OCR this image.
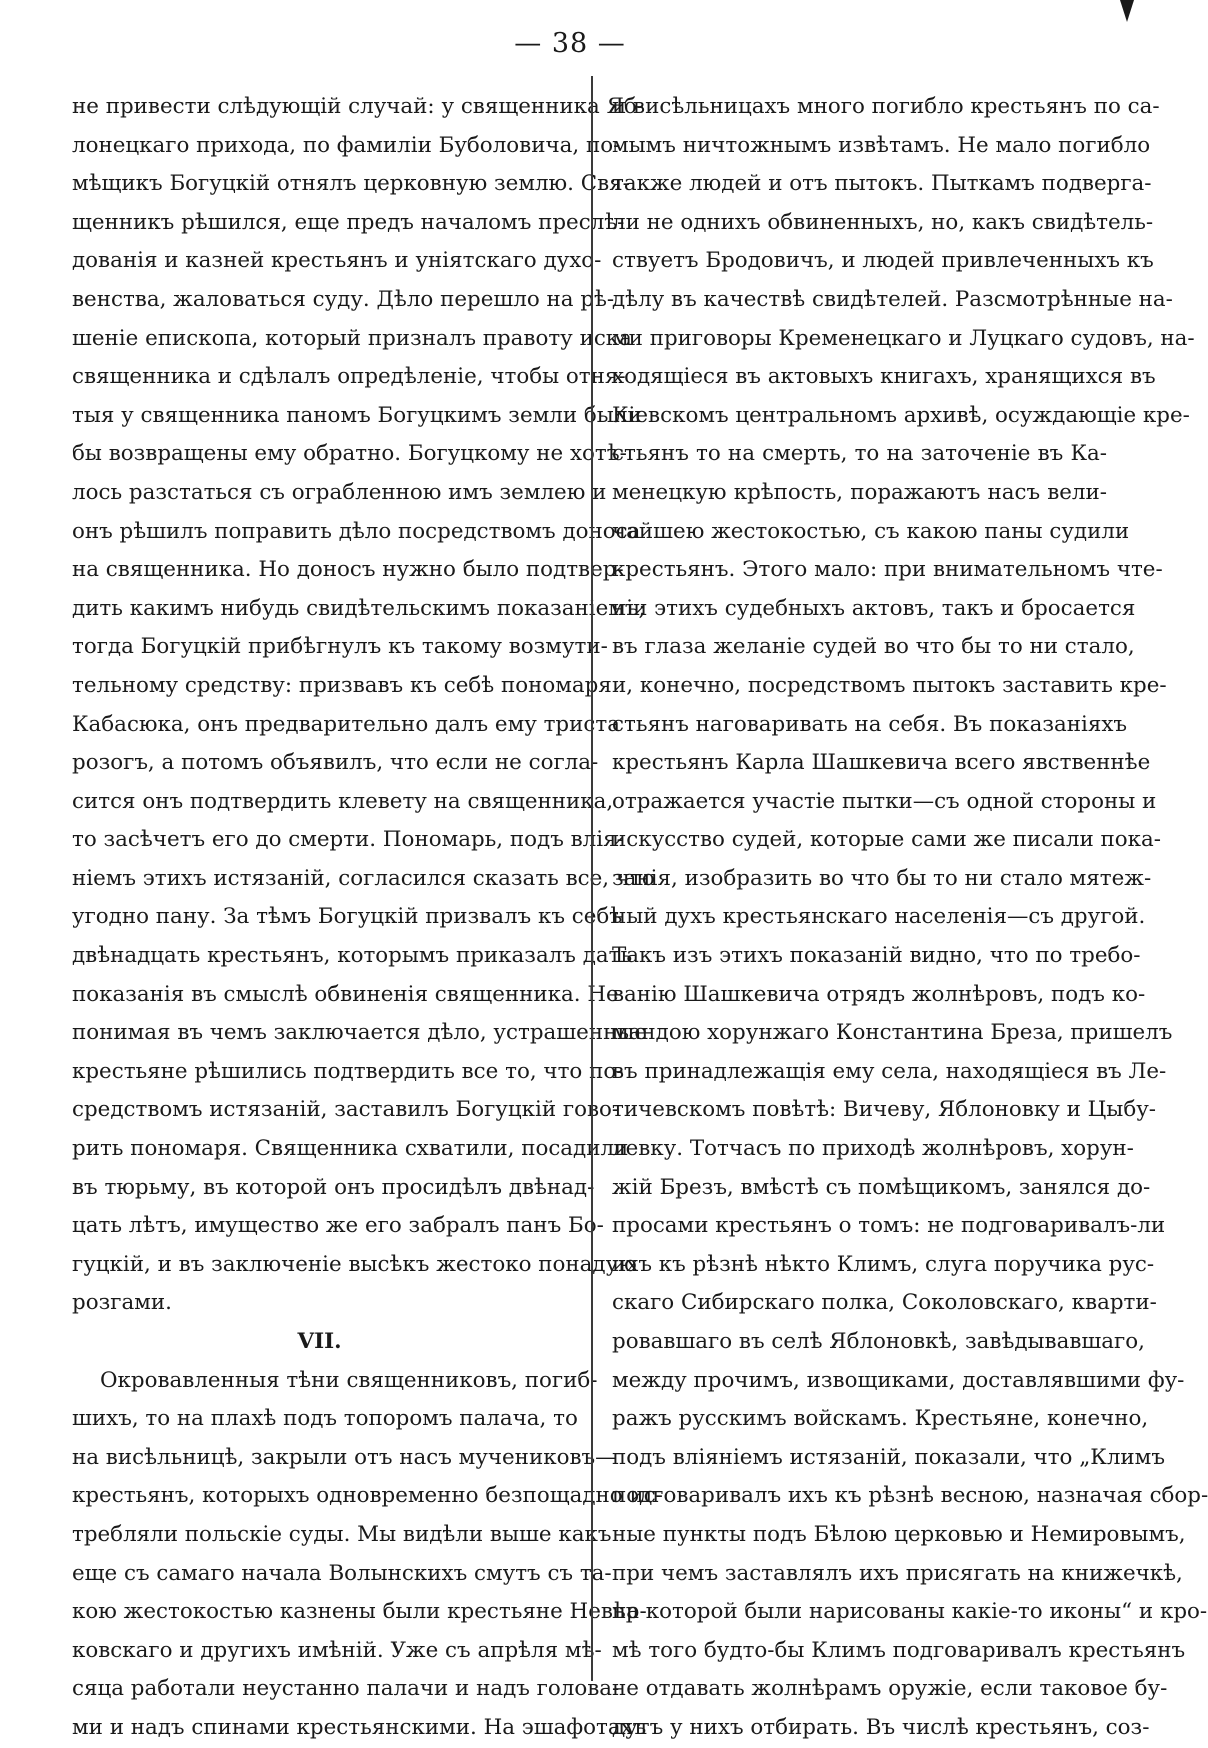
— 38 —
не привести слѣдующій случай: у священника Яб-
лонецкаго прихода, по фамиліи Буболовича, по-
мѣщикъ Богуцкій отнялъ церковную землю. Свя-
щенникъ рѣшился, еще предъ началомъ преслѣ-
дованія и казней крестьянъ и уніятскаго духо-
венства, жаловаться суду. Дѣло перешло на рѣ-
шеніе епископа, который призналъ правоту иска
священника и сдѣлалъ опредѣленіе, чтобы отня-
тыя у священника паномъ Богуцкимъ земли были
бы возвращены ему обратно. Богуцкому не хотѣ-
лось разстаться съ ограбленною имъ землею и
онъ рѣшилъ поправить дѣло посредствомъ доноса
на священника. Но доносъ нужно было подтвер-
дить какимъ нибудь свидѣтельскимъ показаніемъ;
тогда Богуцкій прибѣгнулъ къ такому возмути-
тельному средству: призвавъ къ себѣ пономаря
Кабасюка, онъ предварительно далъ ему триста
розогъ, а потомъ объявилъ, что если не согла-
сится онъ подтвердить клевету на священника,
то засѣчетъ его до смерти. Пономарь, подъ влія-
ніемъ этихъ истязаній, согласился сказать все, что
угодно пану. За тѣмъ Богуцкій призвалъ къ себѣ
двѣнадцать крестьянъ, которымъ приказалъ дать
показанія въ смыслѣ обвиненія священника. Не
понимая въ чемъ заключается дѣло, устрашенные
крестьяне рѣшились подтвердить все то, что по-
средствомъ истязаній, заставилъ Богуцкій гово-
рить пономаря. Священника схватили, посадили
въ тюрьму, въ которой онъ просидѣлъ двѣнад-
цать лѣтъ, имущество же его забралъ панъ Бо-
гуцкій, и въ заключеніе высѣкъ жестоко понадую
розгами.
VII.
Окровавленныя тѣни священниковъ, погиб-
шихъ, то на плахѣ подъ топоромъ палача, то
на висѣльницѣ, закрыли отъ насъ мучениковъ—
крестьянъ, которыхъ одновременно безпощадно ис-
требляли польскіе суды. Мы видѣли выше какъ
еще съ самаго начала Волынскихъ смутъ съ та-
кою жестокостью казнены были крестьяне Невѣр-
ковскаго и другихъ имѣній. Уже съ апрѣля мѣ-
сяца работали неустанно палачи и надъ голова-
ми и надъ спинами крестьянскими. На эшафотахъ
и висѣльницахъ много погибло крестьянъ по са-
мымъ ничтожнымъ извѣтамъ. Не мало погибло
также людей и отъ пытокъ. Пыткамъ подверга-
ли не однихъ обвиненныхъ, но, какъ свидѣтель-
ствуетъ Бродовичъ, и людей привлеченныхъ къ
дѣлу въ качествѣ свидѣтелей. Разсмотрѣнные на-
ми приговоры Кременецкаго и Луцкаго судовъ, на-
ходящіеся въ актовыхъ книгахъ, хранящихся въ
Кіевскомъ центральномъ архивѣ, осуждающіе кре-
стьянъ то на смерть, то на заточеніе въ Ка-
менецкую крѣпость, поражаютъ насъ вели-
чайшею жестокостью, съ какою паны судили
крестьянъ. Этого мало: при внимательномъ чте-
ніи этихъ судебныхъ актовъ, такъ и бросается
въ глаза желаніе судей во что бы то ни стало,
и, конечно, посредствомъ пытокъ заставить кре-
стьянъ наговаривать на себя. Въ показаніяхъ
крестьянъ Карла Шашкевича всего явственнѣе
отражается участіе пытки—съ одной стороны и
искусство судей, которые сами же писали пока-
занія, изобразить во что бы то ни стало мятеж-
ный духъ крестьянскаго населенія—съ другой.
Такъ изъ этихъ показаній видно, что по требо-
ванію Шашкевича отрядъ жолнѣровъ, подъ ко-
мандою хорунжаго Константина Бреза, пришелъ
въ принадлежащія ему села, находящіеся въ Ле-
тичевскомъ повѣтѣ: Вичеву, Яблоновку и Цыбу-
левку. Тотчасъ по приходѣ жолнѣровъ, хорун-
жій Брезъ, вмѣстѣ съ помѣщикомъ, занялся до-
просами крестьянъ о томъ: не подговаривалъ-ли
ихъ къ рѣзнѣ нѣкто Климъ, слуга поручика рус-
скаго Сибирскаго полка, Соколовскаго, кварти-
ровавшаго въ селѣ Яблоновкѣ, завѣдывавшаго,
между прочимъ, извощиками, доставлявшими фу-
ражъ русскимъ войскамъ. Крестьяне, конечно,
подъ вліяніемъ истязаній, показали, что „Климъ
подговаривалъ ихъ къ рѣзнѣ весною, назначая сбор-
ные пункты подъ Бѣлою церковью и Немировымъ,
при чемъ заставлялъ ихъ присягать на книжечкѣ,
на которой были нарисованы какіе-то иконы“ и кро-
мѣ того будто-бы Климъ подговаривалъ крестьянъ
не отдавать жолнѣрамъ оружіе, если таковое бу-
дутъ у нихъ отбирать. Въ числѣ крестьянъ, соз-
